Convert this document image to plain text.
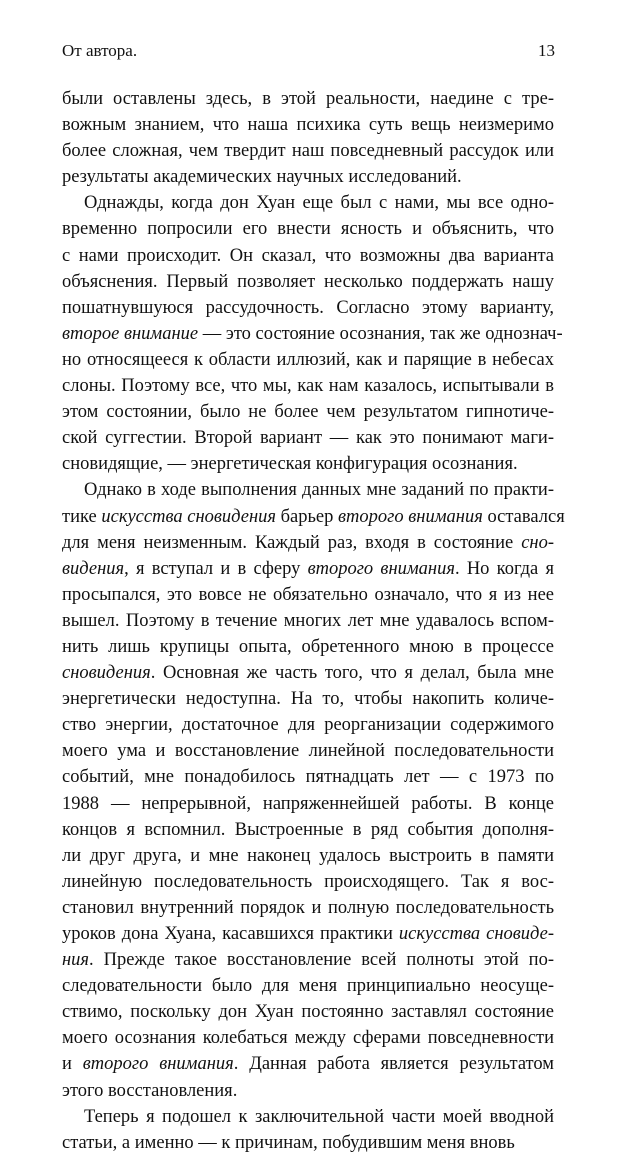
От автора.	13
были оставлены здесь, в этой реальности, наедине с тре-
вожным знанием, что наша психика суть вещь неизмеримо
более сложная, чем твердит наш повседневный рассудок или
результаты академических научных исследований.
Однажды, когда дон Хуан еще был с нами, мы все одно-
временно попросили его внести ясность и объяснить, что
с нами происходит. Он сказал, что возможны два варианта
объяснения. Первый позволяет несколько поддержать нашу
пошатнувшуюся рассудочность. Согласно этому варианту,
второе внимание — это состояние осознания, так же однознач-
но относящееся к области иллюзий, как и парящие в небесах
слоны. Поэтому все, что мы, как нам казалось, испытывали в
этом состоянии, было не более чем результатом гипнотиче-
ской суггестии. Второй вариант — как это понимают маги-
сновидящие, — энергетическая конфигурация осознания.
Однако в ходе выполнения данных мне заданий по практи-
тике искусства сновидения барьер второго внимания оставался
для меня неизменным. Каждый раз, входя в состояние сно-
видения, я вступал и в сферу второго внимания. Но когда я
просыпался, это вовсе не обязательно означало, что я из нее
вышел. Поэтому в течение многих лет мне удавалось вспом-
нить лишь крупицы опыта, обретенного мною в процессе
сновидения. Основная же часть того, что я делал, была мне
энергетически недоступна. На то, чтобы накопить количе-
ство энергии, достаточное для реорганизации содержимого
моего ума и восстановление линейной последовательности
событий, мне понадобилось пятнадцать лет — с 1973 по
1988 — непрерывной, напряженнейшей работы. В конце
концов я вспомнил. Выстроенные в ряд события дополня-
ли друг друга, и мне наконец удалось выстроить в памяти
линейную последовательность происходящего. Так я вос-
становил внутренний порядок и полную последовательность
уроков дона Хуана, касавшихся практики искусства сновиде-
ния. Прежде такое восстановление всей полноты этой по-
следовательности было для меня принципиально неосуще-
ствимо, поскольку дон Хуан постоянно заставлял состояние
моего осознания колебаться между сферами повседневности
и второго внимания. Данная работа является результатом
этого восстановления.
Теперь я подошел к заключительной части моей вводной
статьи, а именно — к причинам, побудившим меня вновь
